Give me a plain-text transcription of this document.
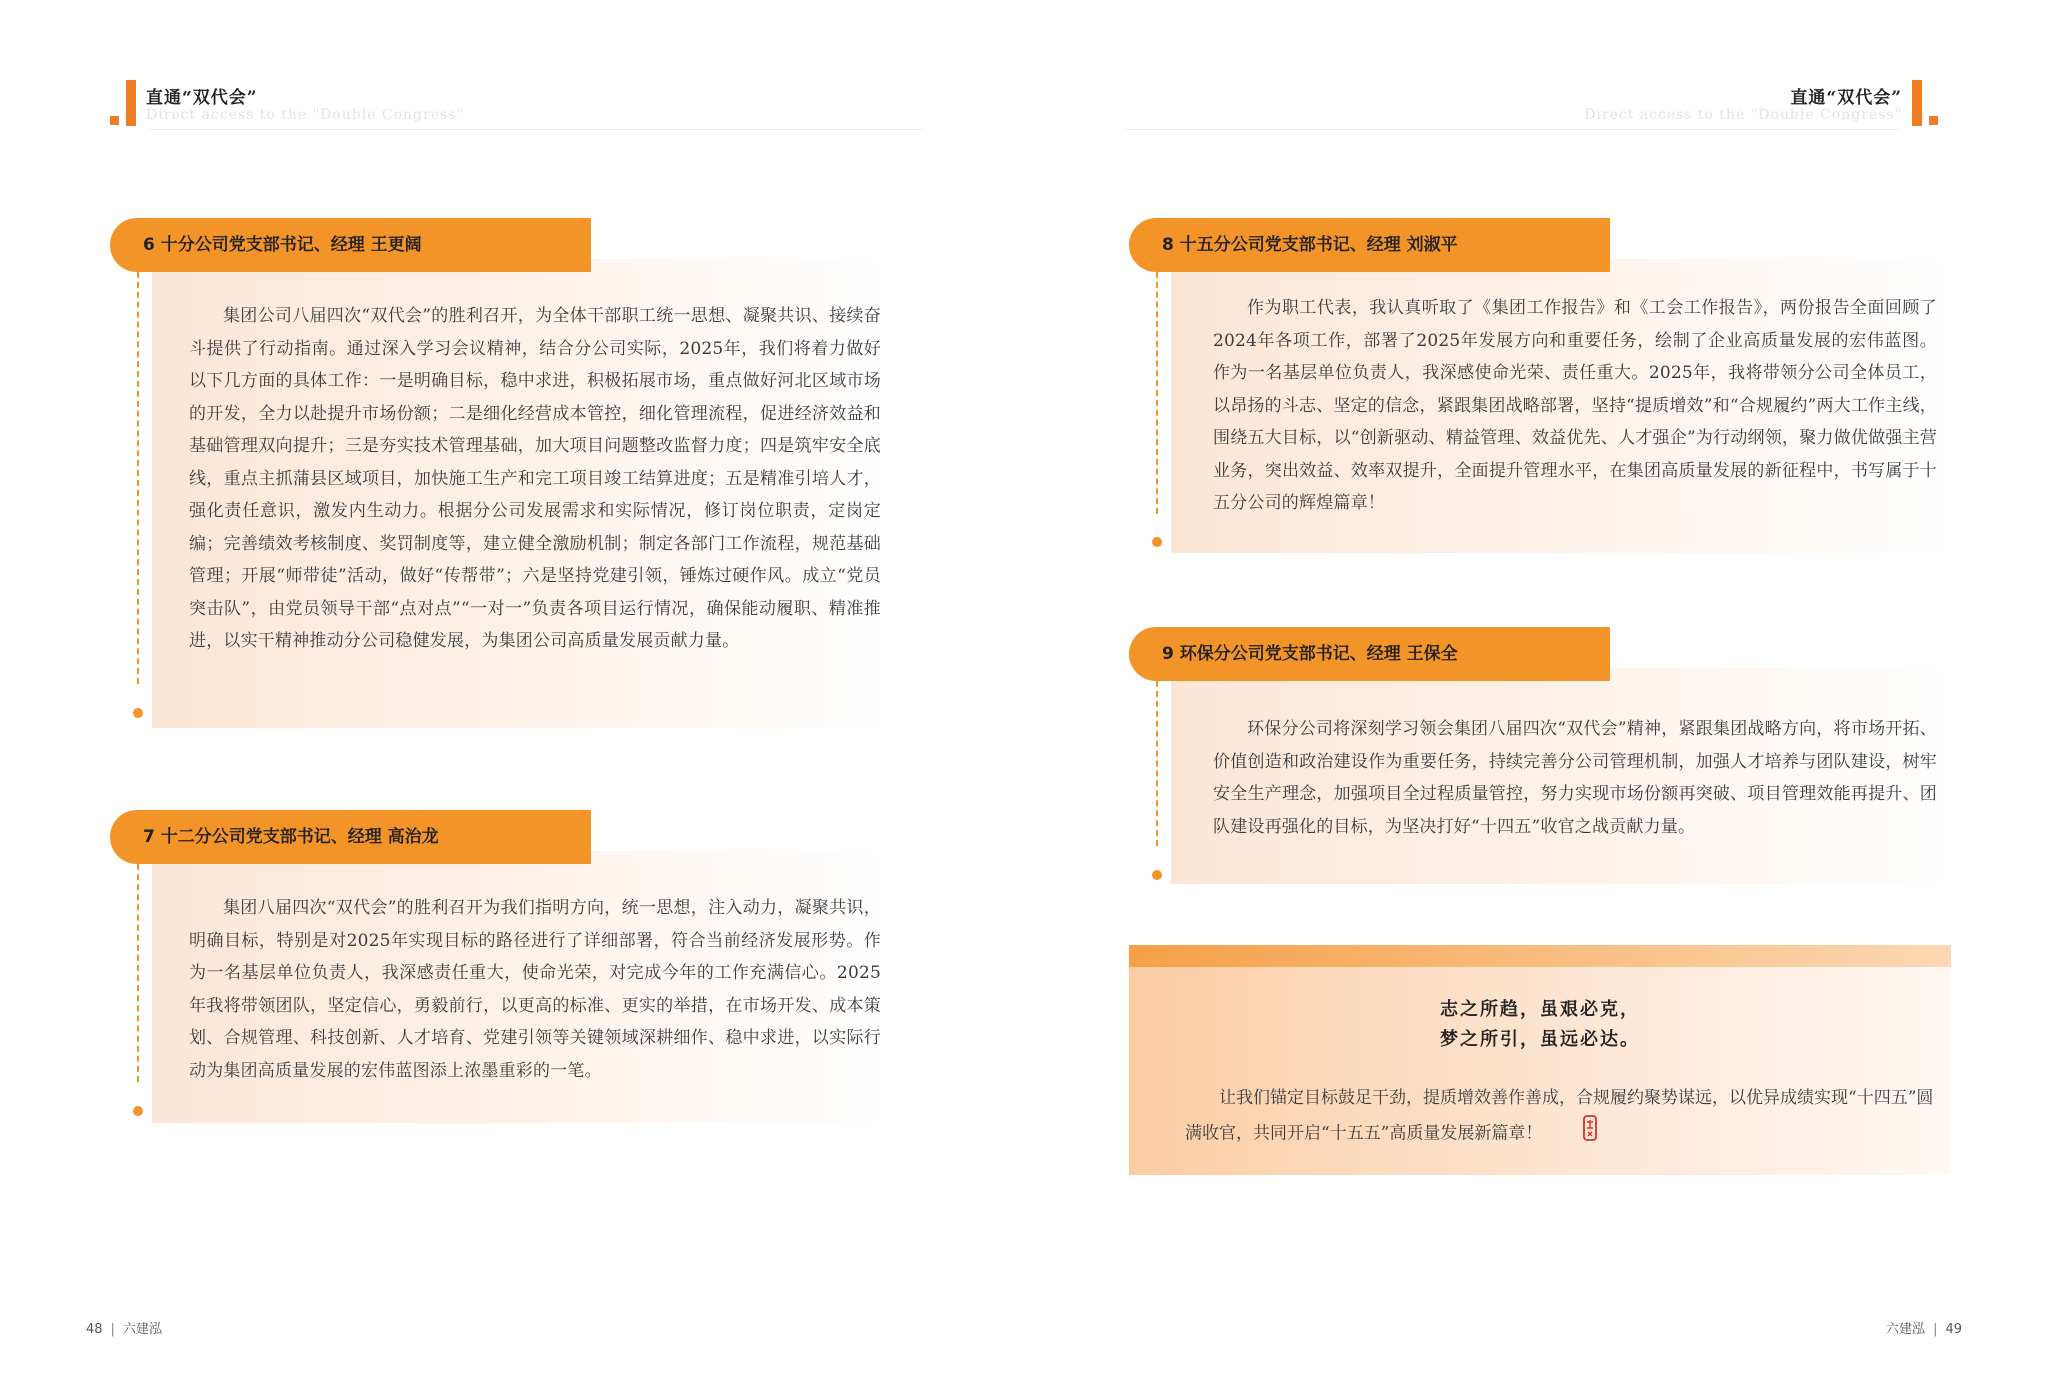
直通“双代会”
Direct access to the "Double Congress"
直通“双代会”
Direct access to the "Double Congress"
6 十分公司党支部书记、经理 王更阔
集团公司八届四次“双代会”的胜利召开，为全体干部职工统一思想、凝聚共识、接续奋斗提供了行动指南。通过深入学习会议精神，结合分公司实际，2025年，我们将着力做好以下几方面的具体工作：一是明确目标，稳中求进，积极拓展市场，重点做好河北区域市场的开发，全力以赴提升市场份额；二是细化经营成本管控，细化管理流程，促进经济效益和基础管理双向提升；三是夯实技术管理基础，加大项目问题整改监督力度；四是筑牢安全底线，重点主抓蒲县区域项目，加快施工生产和完工项目竣工结算进度；五是精准引培人才，强化责任意识，激发内生动力。根据分公司发展需求和实际情况，修订岗位职责，定岗定编；完善绩效考核制度、奖罚制度等，建立健全激励机制；制定各部门工作流程，规范基础管理；开展“师带徒”活动，做好“传帮带”；六是坚持党建引领，锤炼过硬作风。成立“党员突击队”，由党员领导干部“点对点”“一对一”负责各项目运行情况，确保能动履职、精准推进，以实干精神推动分公司稳健发展，为集团公司高质量发展贡献力量。
7 十二分公司党支部书记、经理 高治龙
集团八届四次“双代会”的胜利召开为我们指明方向，统一思想，注入动力，凝聚共识，明确目标，特别是对2025年实现目标的路径进行了详细部署，符合当前经济发展形势。作为一名基层单位负责人，我深感责任重大，使命光荣，对完成今年的工作充满信心。2025年我将带领团队，坚定信心，勇毅前行，以更高的标准、更实的举措，在市场开发、成本策划、合规管理、科技创新、人才培育、党建引领等关键领域深耕细作、稳中求进，以实际行动为集团高质量发展的宏伟蓝图添上浓墨重彩的一笔。
8 十五分公司党支部书记、经理 刘淑平
作为职工代表，我认真听取了《集团工作报告》和《工会工作报告》，两份报告全面回顾了2024年各项工作，部署了2025年发展方向和重要任务，绘制了企业高质量发展的宏伟蓝图。作为一名基层单位负责人，我深感使命光荣、责任重大。2025年，我将带领分公司全体员工，以昂扬的斗志、坚定的信念，紧跟集团战略部署，坚持“提质增效”和“合规履约”两大工作主线，围绕五大目标，以“创新驱动、精益管理、效益优先、人才强企”为行动纲领，聚力做优做强主营业务，突出效益、效率双提升，全面提升管理水平，在集团高质量发展的新征程中，书写属于十五分公司的辉煌篇章！
9 环保分公司党支部书记、经理 王保全
环保分公司将深刻学习领会集团八届四次“双代会”精神，紧跟集团战略方向，将市场开拓、价值创造和政治建设作为重要任务，持续完善分公司管理机制，加强人才培养与团队建设，树牢安全生产理念，加强项目全过程质量管控，努力实现市场份额再突破、项目管理效能再提升、团队建设再强化的目标，为坚决打好“十四五”收官之战贡献力量。
志之所趋，虽艰必克，
梦之所引，虽远必达。
让我们锚定目标鼓足干劲，提质增效善作善成，合规履约聚势谋远，以优异成绩实现“十四五”圆满收官，共同开启“十五五”高质量发展新篇章！
48 | 六建泓	六建泓 | 49
